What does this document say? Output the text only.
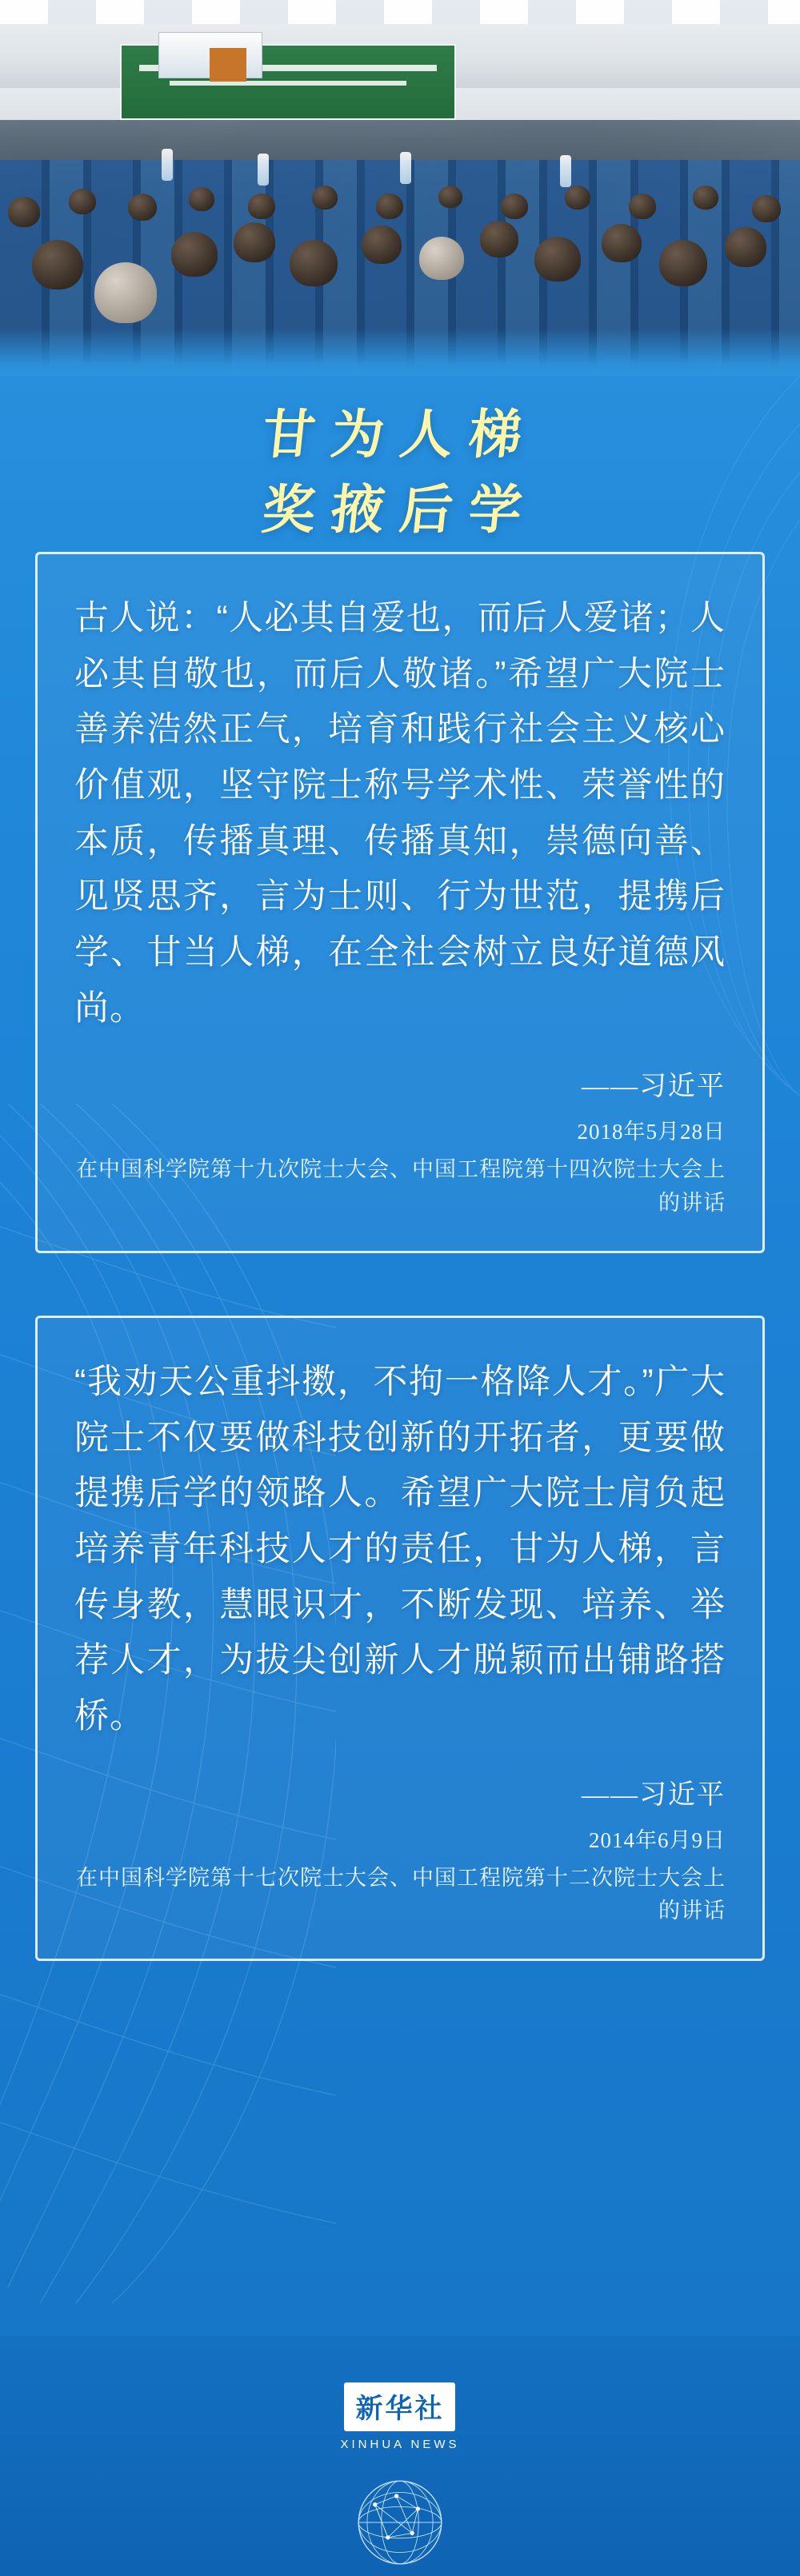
甘为人梯
奖掖后学
古人说：“人必其自爱也，而后人爱诸；人必其自敬也，而后人敬诸。”希望广大院士善养浩然正气，培育和践行社会主义核心价值观，坚守院士称号学术性、荣誉性的本质，传播真理、传播真知，崇德向善、见贤思齐，言为士则、行为世范，提携后学、甘当人梯，在全社会树立良好道德风尚。
——习近平
2018年5月28日
在中国科学院第十九次院士大会、中国工程院第十四次院士大会上的讲话
“我劝天公重抖擞，不拘一格降人才。”广大院士不仅要做科技创新的开拓者，更要做提携后学的领路人。希望广大院士肩负起培养青年科技人才的责任，甘为人梯，言传身教，慧眼识才，不断发现、培养、举荐人才，为拔尖创新人才脱颖而出铺路搭桥。
——习近平
2014年6月9日
在中国科学院第十七次院士大会、中国工程院第十二次院士大会上的讲话
新华社
XINHUA NEWS
